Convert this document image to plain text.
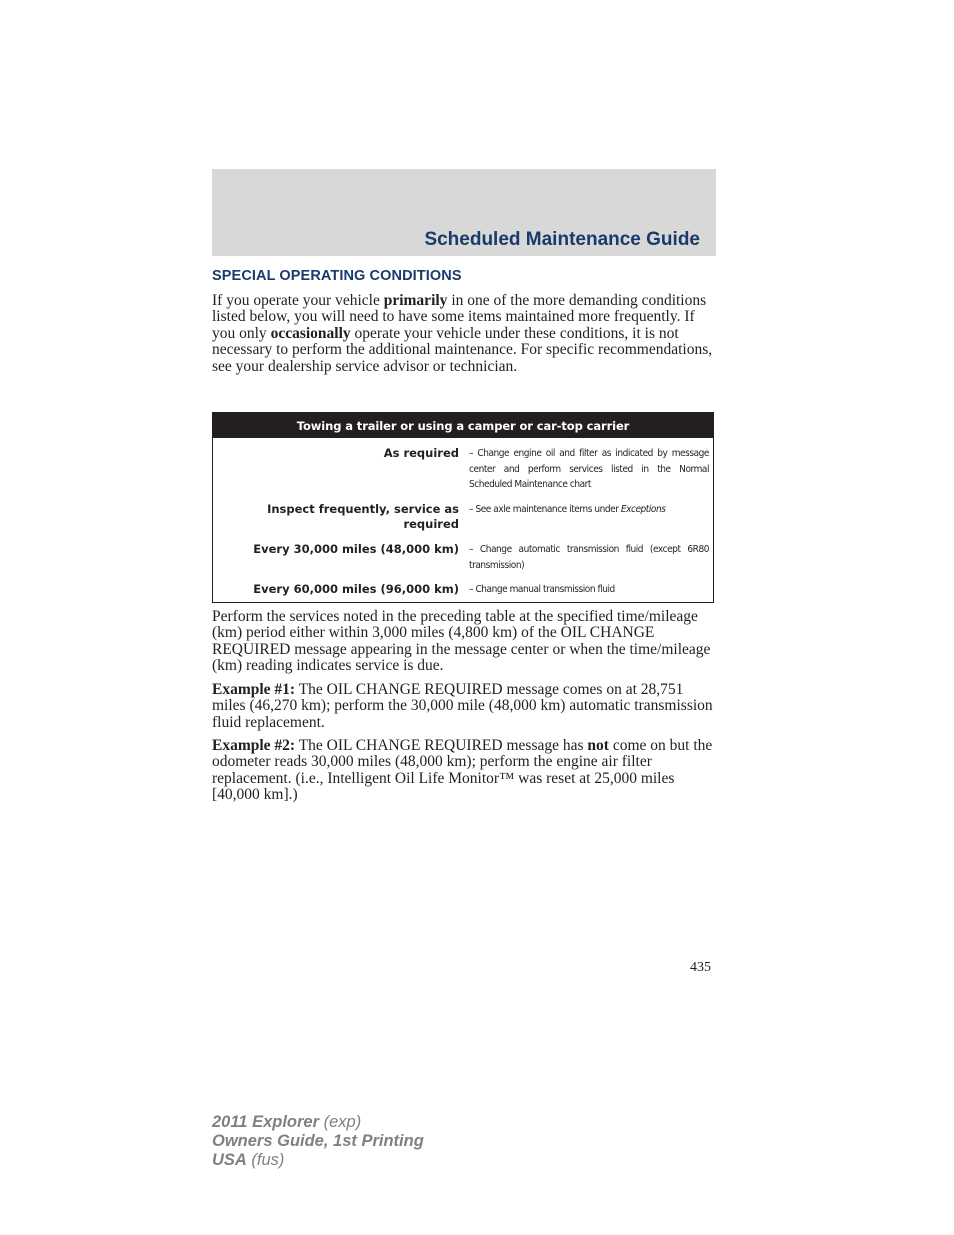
Scheduled Maintenance Guide
SPECIAL OPERATING CONDITIONS

If you operate your vehicle primarily in one of the more demanding conditions listed below, you will need to have some items maintained more frequently. If you only occasionally operate your vehicle under these conditions, it is not necessary to perform the additional maintenance. For specific recommendations, see your dealership service advisor or technician.

Towing a trailer or using a camper or car-top carrier
As required – Change engine oil and filter as indicated by message center and perform services listed in the Normal Scheduled Maintenance chart
Inspect frequently, service as required
– See axle maintenance items under Exceptions
Every 30,000 miles (48,000 km) – Change automatic transmission fluid (except 6R80 transmission)
Every 60,000 miles (96,000 km) – Change manual transmission fluid

Perform the services noted in the preceding table at the specified time/mileage (km) period either within 3,000 miles (4,800 km) of the OIL CHANGE REQUIRED message appearing in the message center or when the time/mileage (km) reading indicates service is due.

Example #1: The OIL CHANGE REQUIRED message comes on at 28,751 miles (46,270 km); perform the 30,000 mile (48,000 km) automatic transmission fluid replacement.

Example #2: The OIL CHANGE REQUIRED message has not come on but the odometer reads 30,000 miles (48,000 km); perform the engine air filter replacement. (i.e., Intelligent Oil Life Monitor™ was reset at 25,000 miles [40,000 km].)

435
2011 Explorer (exp)
Owners Guide, 1st Printing
USA (fus)
